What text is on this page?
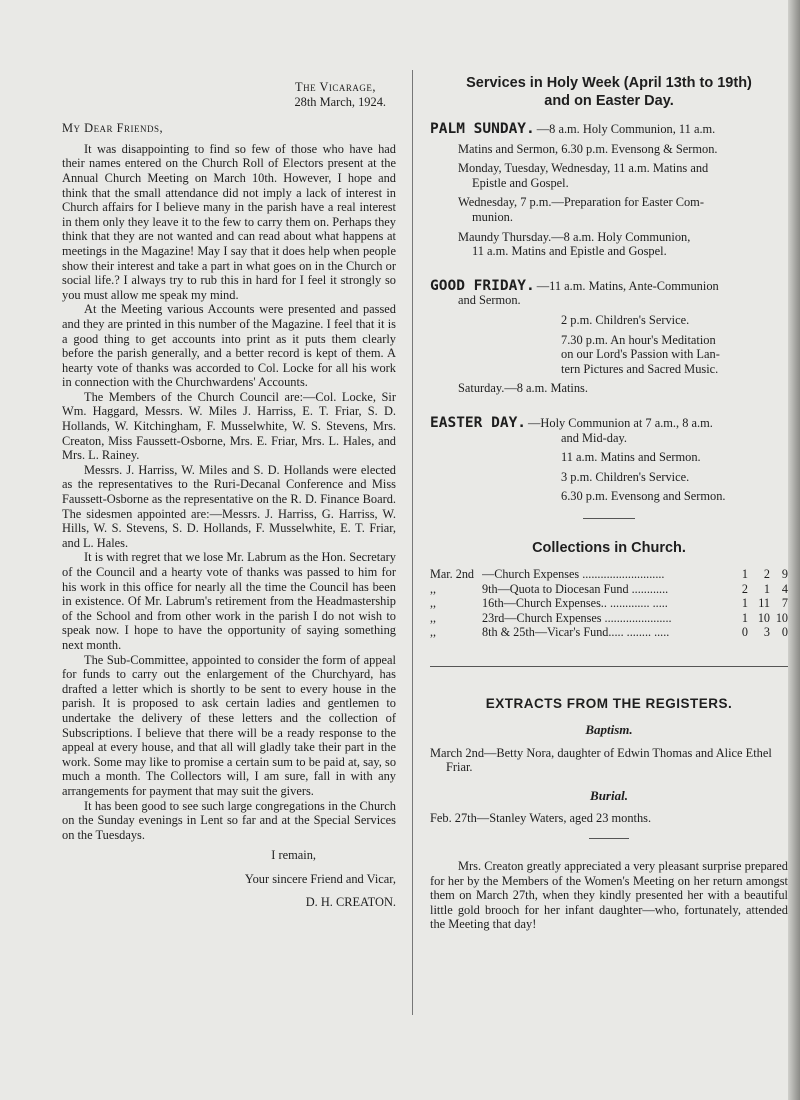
The Vicarage,
28th March, 1924.
My Dear Friends,

It was disappointing to find so few of those who have had their names entered on the Church Roll of Electors present at the Annual Church Meeting on March 10th. However, I hope and think that the small attendance did not imply a lack of interest in Church affairs for I believe many in the parish have a real interest in them only they leave it to the few to carry them on. Perhaps they think that they are not wanted and can read about what happens at meetings in the Magazine! May I say that it does help when people show their interest and take a part in what goes on in the Church or social life.? I always try to rub this in hard for I feel it strongly so you must allow me speak my mind.

At the Meeting various Accounts were presented and passed and they are printed in this number of the Magazine. I feel that it is a good thing to get accounts into print as it puts them clearly before the parish generally, and a better record is kept of them. A hearty vote of thanks was accorded to Col. Locke for all his work in connection with the Churchwardens' Accounts.

The Members of the Church Council are:—Col. Locke, Sir Wm. Haggard, Messrs. W. Miles J. Harriss, E. T. Friar, S. D. Hollands, W. Kitchingham, F. Musselwhite, W. S. Stevens, Mrs. Creaton, Miss Faussett-Osborne, Mrs. E. Friar, Mrs. L. Hales, and Mrs. L. Rainey.

Messrs. J. Harriss, W. Miles and S. D. Hollands were elected as the representatives to the Ruri-Decanal Conference and Miss Faussett-Osborne as the representative on the R. D. Finance Board. The sidesmen appointed are:—Messrs. J. Harriss, G. Harriss, W. Hills, W. S. Stevens, S. D. Hollands, F. Musselwhite, E. T. Friar, and L. Hales.

It is with regret that we lose Mr. Labrum as the Hon. Secretary of the Council and a hearty vote of thanks was passed to him for his work in this office for nearly all the time the Council has been in existence. Of Mr. Labrum's retirement from the Headmastership of the School and from other work in the parish I do not wish to speak now. I hope to have the opportunity of saying something next month.

The Sub-Committee, appointed to consider the form of appeal for funds to carry out the enlargement of the Churchyard, has drafted a letter which is shortly to be sent to every house in the parish. It is proposed to ask certain ladies and gentlemen to undertake the delivery of these letters and the collection of Subscriptions. I believe that there will be a ready response to the appeal at every house, and that all will gladly take their part in the work. Some may like to promise a certain sum to be paid at, say, so much a month. The Collectors will, I am sure, fall in with any arrangements for payment that may suit the givers.

It has been good to see such large congregations in the Church on the Sunday evenings in Lent so far and at the Special Services on the Tuesdays.

I remain,
Your sincere Friend and Vicar,
D. H. CREATON.
Services in Holy Week (April 13th to 19th)
and on Easter Day.
PALM SUNDAY. —8 a.m. Holy Communion, 11 a.m.
Matins and Sermon, 6.30 p.m. Evensong & Sermon.
Monday, Tuesday, Wednesday, 11 a.m. Matins and
Epistle and Gospel.
Wednesday, 7 p.m.—Preparation for Easter Com-
munion.
Maundy Thursday.—8 a.m. Holy Communion,
11 a.m. Matins and Epistle and Gospel.
GOOD FRIDAY. —11 a.m. Matins, Ante-Communion
and Sermon.
2 p.m. Children's Service.
7.30 p.m. An hour's Meditation
on our Lord's Passion with Lan-
tern Pictures and Sacred Music.
Saturday.—8 a.m. Matins.
EASTER DAY. —Holy Communion at 7 a.m., 8 a.m.
and Mid-day.
11 a.m. Matins and Sermon.
3 p.m. Children's Service.
6.30 p.m. Evensong and Sermon.
Collections in Church.
Mar. 2nd —Church Expenses ...........................	1	2 9
,,	9th—Quota to Diocesan Fund ............	2	1 4
,,	16th—Church Expenses.. ............. .....	1 11 7
,,	23rd—Church Expenses ......................	1 10 10
,,	8th & 25th—Vicar's Fund..... ........ .....	0	3 0
EXTRACTS FROM THE REGISTERS.
Baptism.
March 2nd—Betty Nora, daughter of Edwin Thomas and Alice Ethel Friar.
Burial.
Feb. 27th—Stanley Waters, aged 23 months.
Mrs. Creaton greatly appreciated a very pleasant surprise prepared for her by the Members of the Women's Meeting on her return amongst them on March 27th, when they kindly presented her with a beautiful little gold brooch for her infant daughter—who, fortunately, attended the Meeting that day!
